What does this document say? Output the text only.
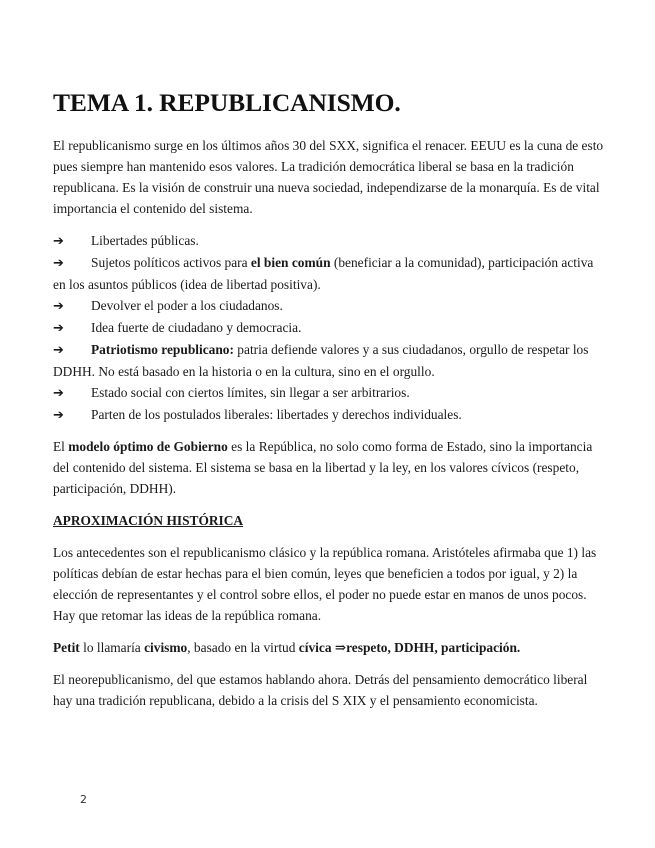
TEMA 1. REPUBLICANISMO.

El republicanismo surge en los últimos años 30 del SXX, significa el renacer. EEUU es la cuna de esto pues siempre han mantenido esos valores. La tradición democrática liberal se basa en la tradición republicana. Es la visión de construir una nueva sociedad, independizarse de la monarquía. Es de vital importancia el contenido del sistema.

➔ Libertades públicas.
➔ Sujetos políticos activos para el bien común (beneficiar a la comunidad), participación activa en los asuntos públicos (idea de libertad positiva).
➔ Devolver el poder a los ciudadanos.
➔ Idea fuerte de ciudadano y democracia.
➔ Patriotismo republicano: patria defiende valores y a sus ciudadanos, orgullo de respetar los DDHH. No está basado en la historia o en la cultura, sino en el orgullo.
➔ Estado social con ciertos límites, sin llegar a ser arbitrarios.
➔ Parten de los postulados liberales: libertades y derechos individuales.

El modelo óptimo de Gobierno es la República, no solo como forma de Estado, sino la importancia del contenido del sistema. El sistema se basa en la libertad y la ley, en los valores cívicos (respeto, participación, DDHH).

APROXIMACIÓN HISTÓRICA

Los antecedentes son el republicanismo clásico y la república romana. Aristóteles afirmaba que 1) las políticas debían de estar hechas para el bien común, leyes que beneficien a todos por igual, y 2) la elección de representantes y el control sobre ellos, el poder no puede estar en manos de unos pocos. Hay que retomar las ideas de la república romana.

Petit lo llamaría civismo, basado en la virtud cívica ⇒respeto, DDHH, participación.

El neorepublicanismo, del que estamos hablando ahora. Detrás del pensamiento democrático liberal hay una tradición republicana, debido a la crisis del S XIX y el pensamiento economicista.

2
